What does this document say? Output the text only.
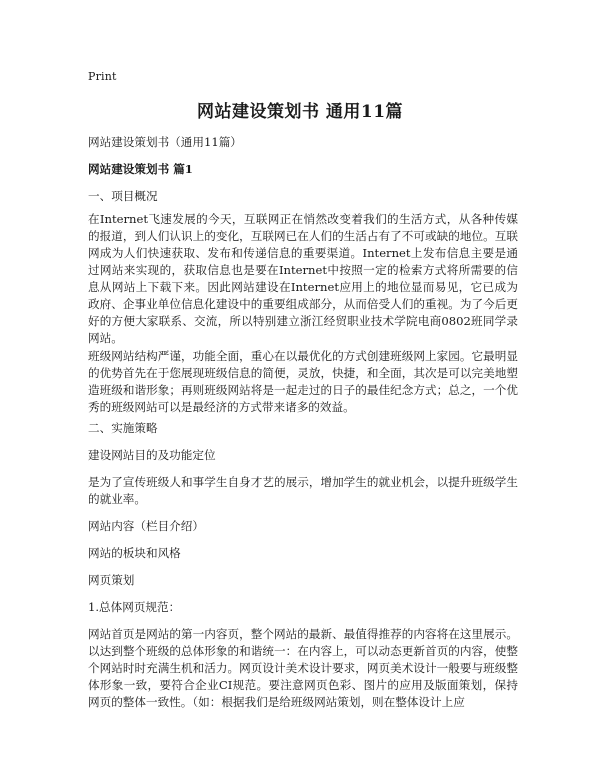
Print
网站建设策划书 通用11篇
网站建设策划书（通用11篇）
网站建设策划书 篇1
一、项目概况
在Internet飞速发展的今天，互联网正在悄然改变着我们的生活方式，从各种传媒的报道，到人们认识上的变化，互联网已在人们的生活占有了不可或缺的地位。互联网成为人们快速获取、发布和传递信息的重要渠道。Internet上发布信息主要是通过网站来实现的，获取信息也是要在Internet中按照一定的检索方式将所需要的信息从网站上下载下来。因此网站建设在Internet应用上的地位显而易见，它已成为政府、企事业单位信息化建设中的重要组成部分，从而倍受人们的重视。为了今后更好的方便大家联系、交流，所以特别建立浙江经贸职业技术学院电商0802班同学录网站。
班级网站结构严谨，功能全面，重心在以最优化的方式创建班级网上家园。它最明显的优势首先在于您展现班级信息的简便，灵放，快捷，和全面，其次是可以完美地塑造班级和谐形象；再则班级网站将是一起走过的日子的最佳纪念方式；总之，一个优秀的班级网站可以是最经济的方式带来诸多的效益。
二、实施策略
建设网站目的及功能定位
是为了宣传班级人和事学生自身才艺的展示，增加学生的就业机会，以提升班级学生的就业率。
网站内容（栏目介绍）
网站的板块和风格
网页策划
1.总体网页规范：
网站首页是网站的第一内容页，整个网站的最新、最值得推荐的内容将在这里展示。以达到整个班级的总体形象的和谐统一：在内容上，可以动态更新首页的内容，使整个网站时时充满生机和活力。网页设计美术设计要求，网页美术设计一般要与班级整体形象一致，要符合企业CI规范。要注意网页色彩、图片的应用及版面策划，保持网页的整体一致性。（如：根据我们是给班级网站策划，则在整体设计上应
